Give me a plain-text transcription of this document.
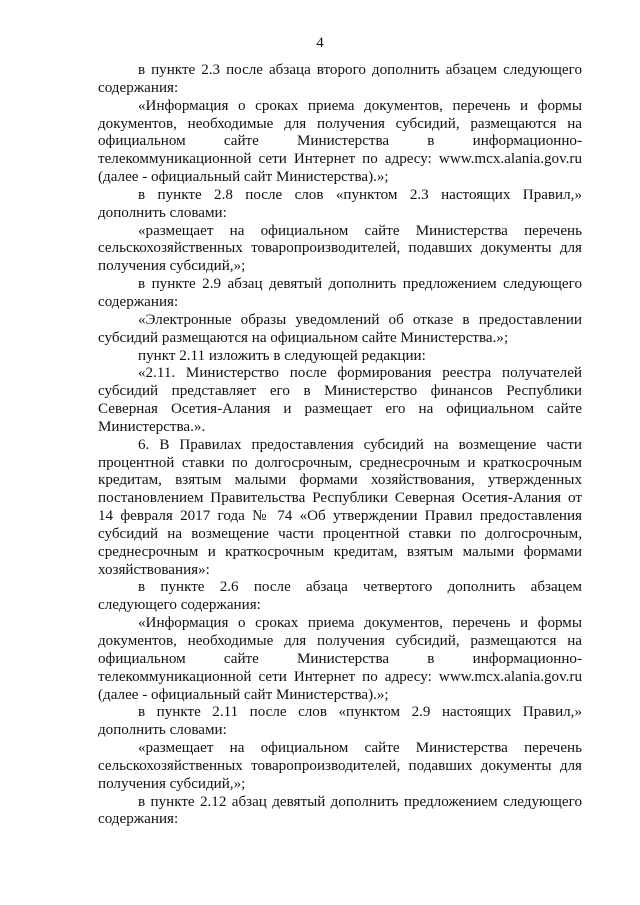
4

в пункте 2.3 после абзаца второго дополнить абзацем следующего содержания:

«Информация о сроках приема документов, перечень и формы документов, необходимые для получения субсидий, размещаются на официальном сайте Министерства в информационно-телекоммуникационной сети Интернет по адресу: www.mcx.alania.gov.ru (далее - официальный сайт Министерства).»;

в пункте 2.8 после слов «пунктом 2.3 настоящих Правил,» дополнить словами:

«размещает на официальном сайте Министерства перечень сельскохозяйственных товаропроизводителей, подавших документы для получения субсидий,»;

в пункте 2.9 абзац девятый дополнить предложением следующего содержания:

«Электронные образы уведомлений об отказе в предоставлении субсидий размещаются на официальном сайте Министерства.»;

пункт 2.11 изложить в следующей редакции:

«2.11. Министерство после формирования реестра получателей субсидий представляет его в Министерство финансов Республики Северная Осетия-Алания и размещает его на официальном сайте Министерства.».

6. В Правилах предоставления субсидий на возмещение части процентной ставки по долгосрочным, среднесрочным и краткосрочным кредитам, взятым малыми формами хозяйствования, утвержденных постановлением Правительства Республики Северная Осетия-Алания от 14 февраля 2017 года № 74 «Об утверждении Правил предоставления субсидий на возмещение части процентной ставки по долгосрочным, среднесрочным и краткосрочным кредитам, взятым малыми формами хозяйствования»:

в пункте 2.6 после абзаца четвертого дополнить абзацем следующего содержания:

«Информация о сроках приема документов, перечень и формы документов, необходимые для получения субсидий, размещаются на официальном сайте Министерства в информационно-телекоммуникационной сети Интернет по адресу: www.mcx.alania.gov.ru (далее - официальный сайт Министерства).»;

в пункте 2.11 после слов «пунктом 2.9 настоящих Правил,» дополнить словами:

«размещает на официальном сайте Министерства перечень сельскохозяйственных товаропроизводителей, подавших документы для получения субсидий,»;

в пункте 2.12 абзац девятый дополнить предложением следующего содержания:
